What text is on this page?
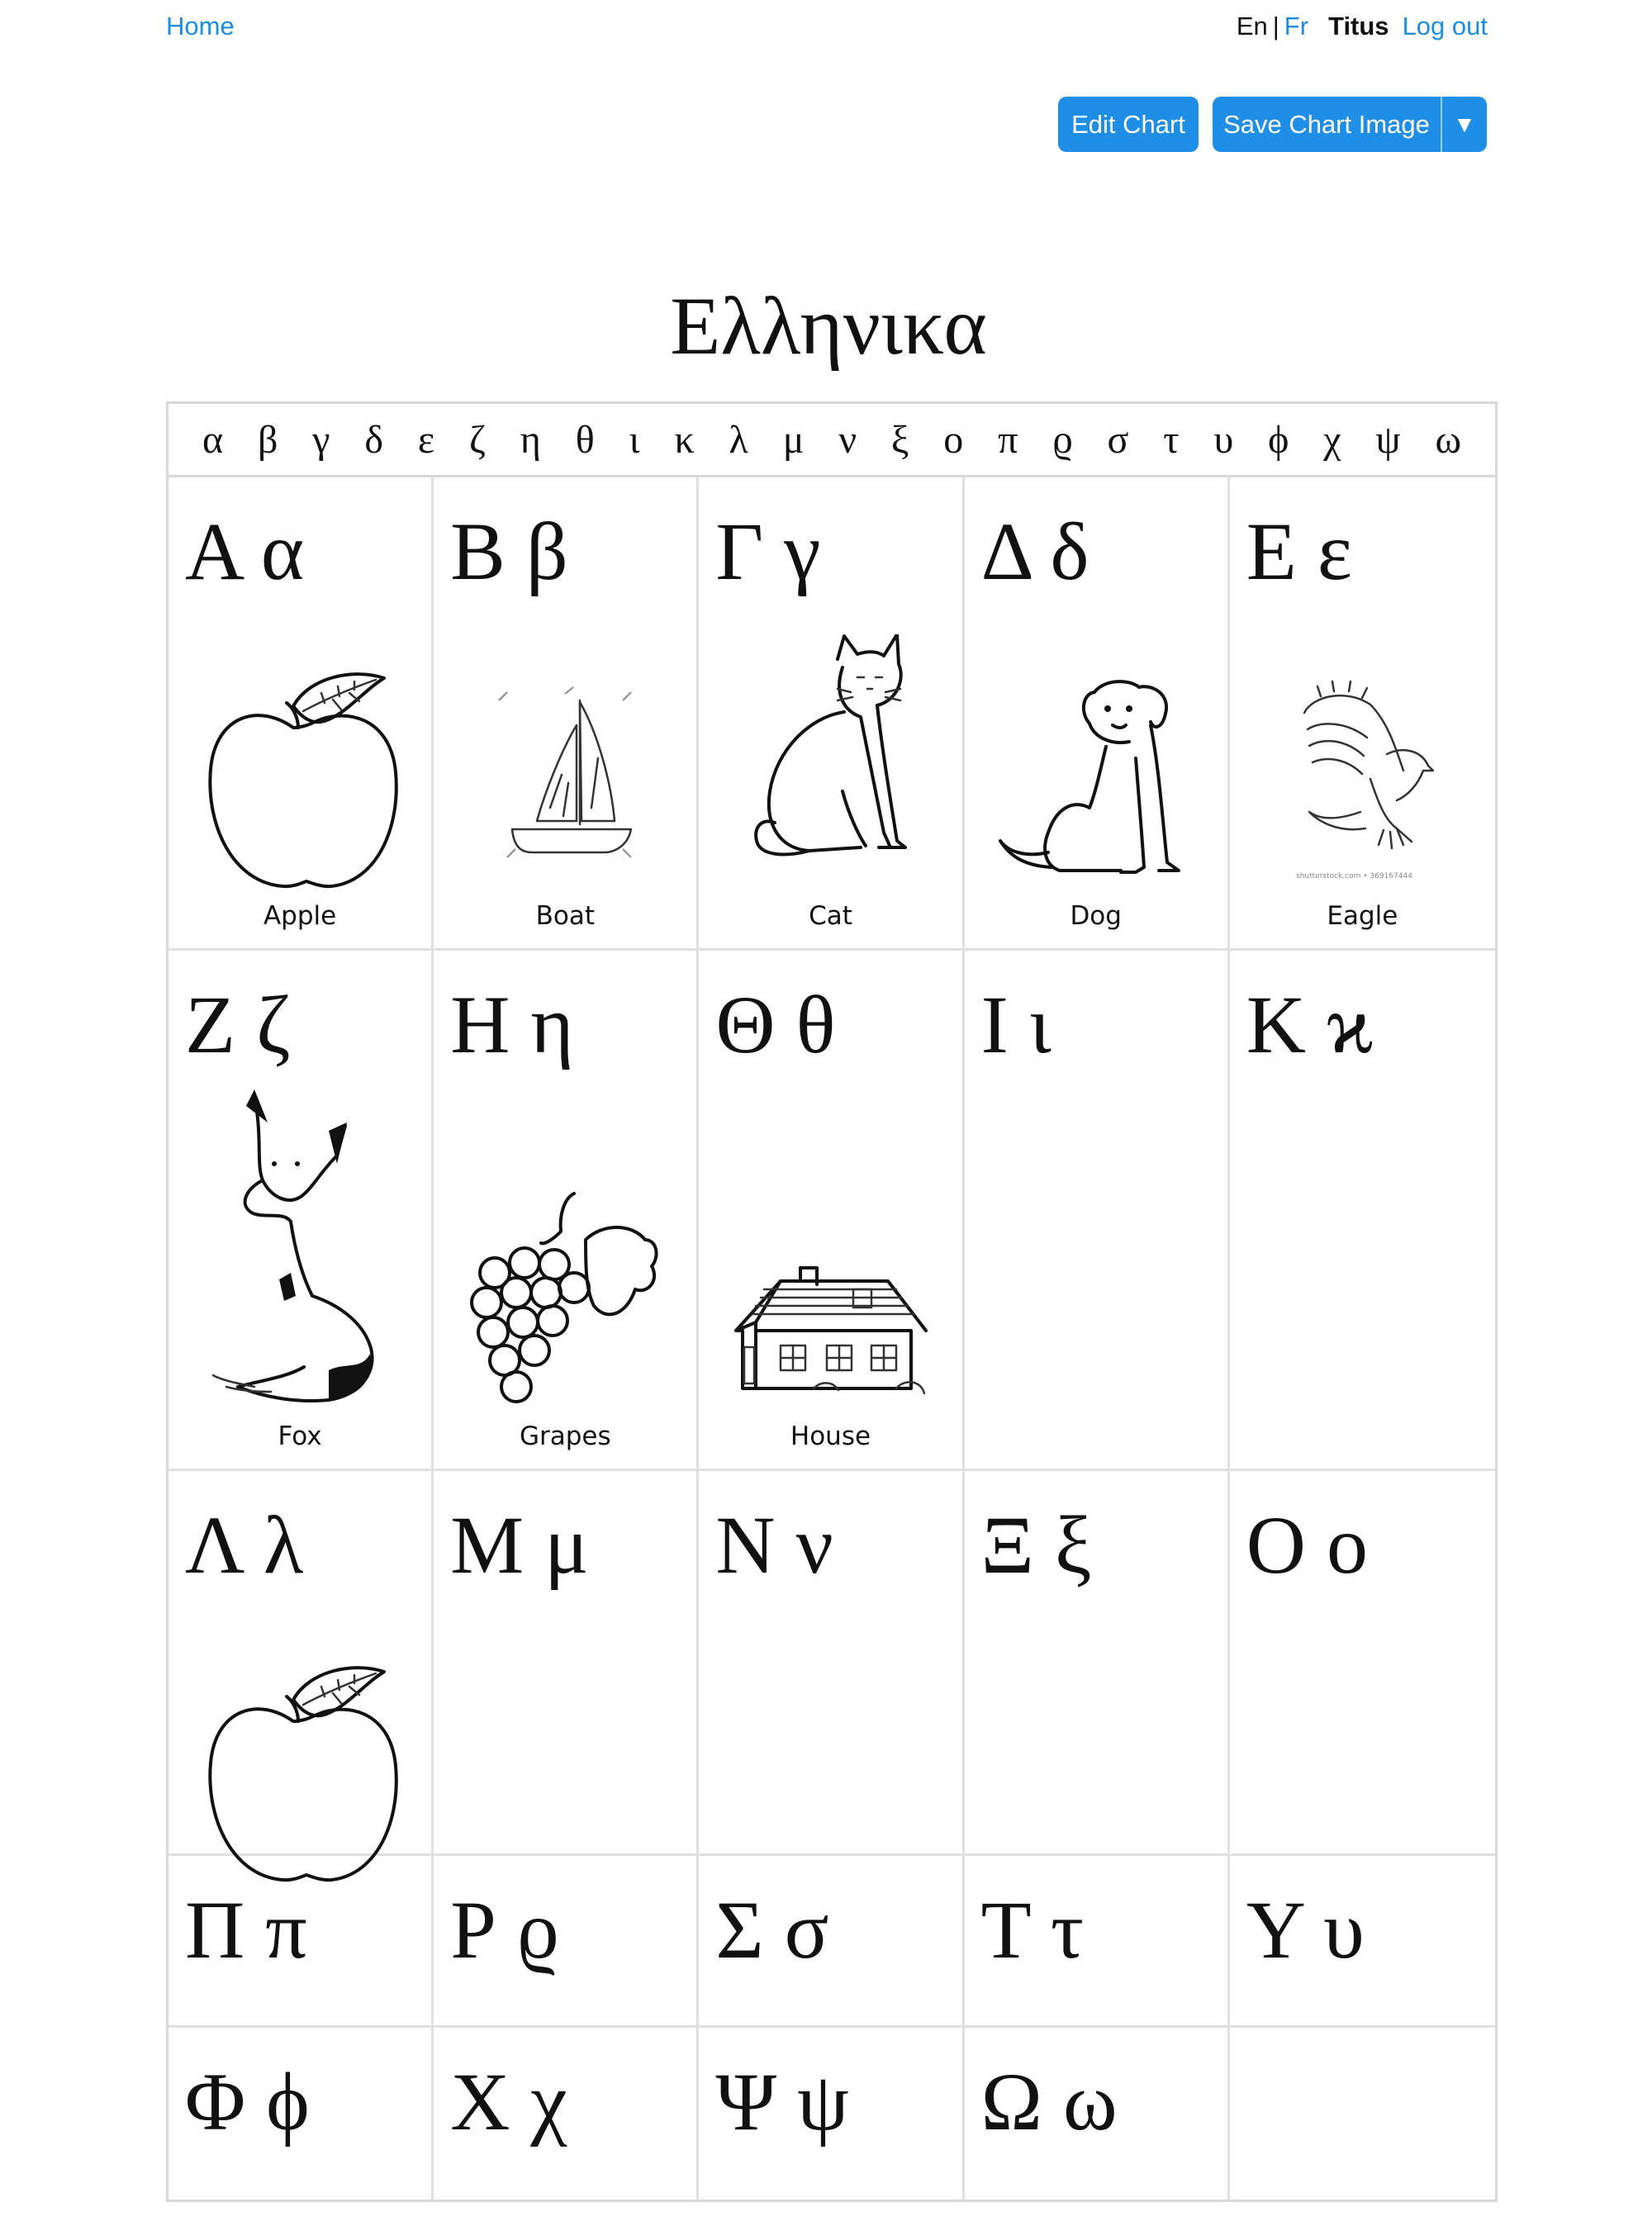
Home	En | Fr Titus Log out
Edit Chart	Save Chart Image	▼
Ελληνικα
α β γ δ ε ζ η θ ι κ λ μ ν ξ ο π ϱ σ τ υ ϕ χ ψ ω
Α α
Apple
Β β
Boat
Γ γ
Cat
Δ δ
Dog
Ε ε
shutterstock.com • 369167444
Eagle
Ζ ζ
Fox
Η η
Grapes
Θ θ
House
Ι ι Κ ϰ
Λ λ Μ μ Ν ν Ξ ξ Ο ο
Π π Ρ ϱ Σ σ Τ τ Υ υ
Φ ϕ Χ χ Ψ ψ Ω ω
